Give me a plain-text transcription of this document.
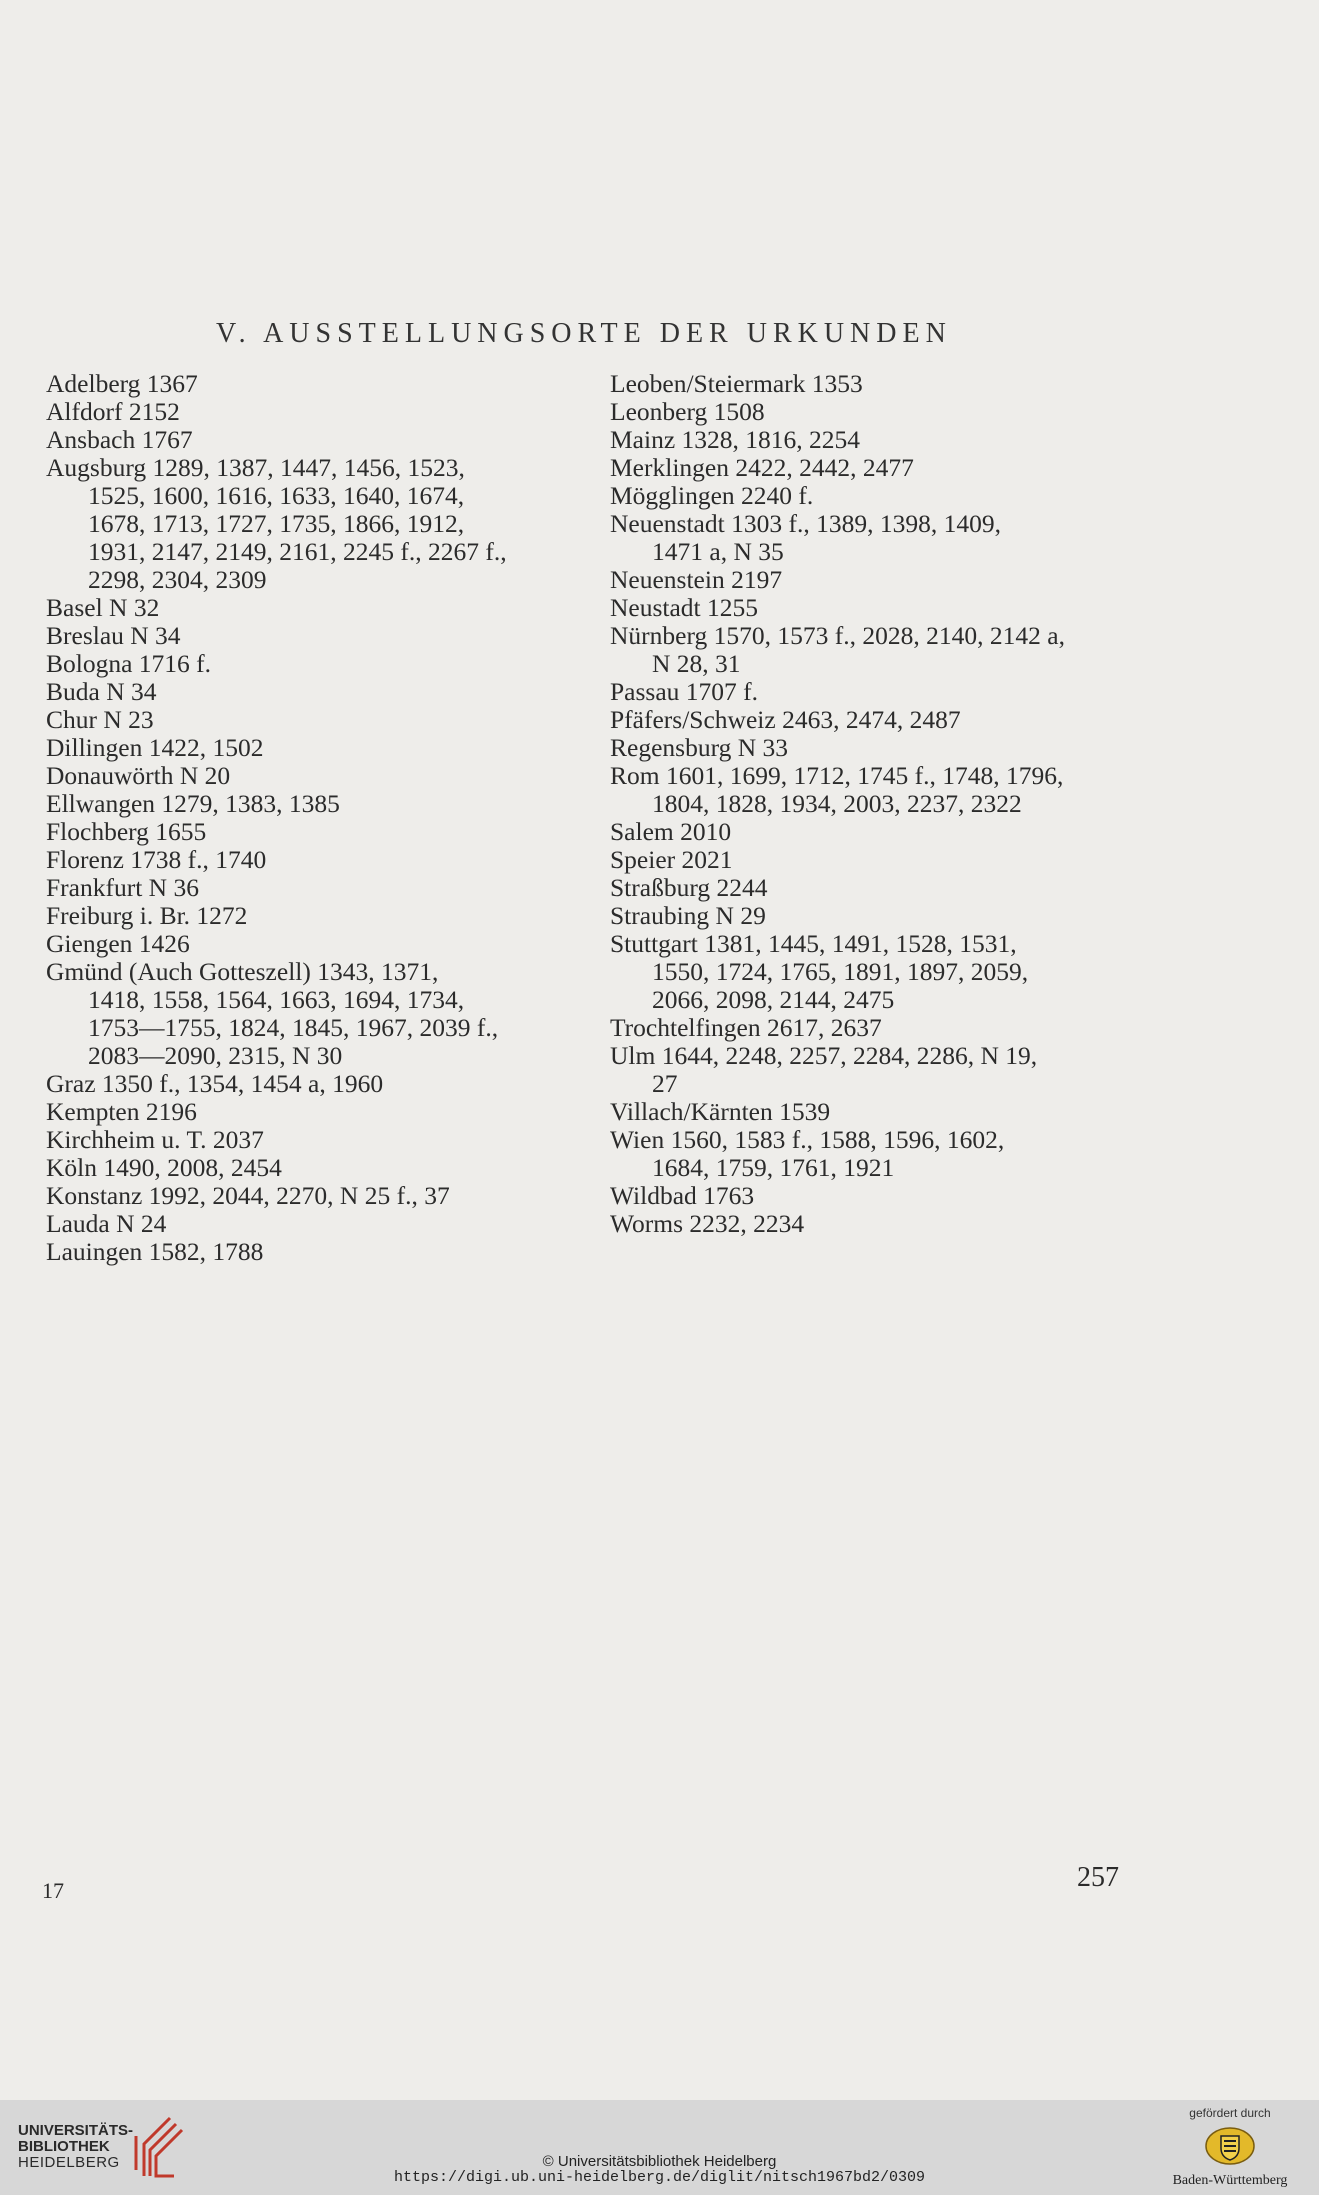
V. AUSSTELLUNGSORTE DER URKUNDEN
Adelberg 1367
Alfdorf 2152
Ansbach 1767
Augsburg 1289, 1387, 1447, 1456, 1523,
1525, 1600, 1616, 1633, 1640, 1674,
1678, 1713, 1727, 1735, 1866, 1912,
1931, 2147, 2149, 2161, 2245 f., 2267 f.,
2298, 2304, 2309
Basel N 32
Breslau N 34
Bologna 1716 f.
Buda N 34
Chur N 23
Dillingen 1422, 1502
Donauwörth N 20
Ellwangen 1279, 1383, 1385
Flochberg 1655
Florenz 1738 f., 1740
Frankfurt N 36
Freiburg i. Br. 1272
Giengen 1426
Gmünd (Auch Gotteszell) 1343, 1371,
1418, 1558, 1564, 1663, 1694, 1734,
1753—1755, 1824, 1845, 1967, 2039 f.,
2083—2090, 2315, N 30
Graz 1350 f., 1354, 1454 a, 1960
Kempten 2196
Kirchheim u. T. 2037
Köln 1490, 2008, 2454
Konstanz 1992, 2044, 2270, N 25 f., 37
Lauda N 24
Lauingen 1582, 1788
Leoben/Steiermark 1353
Leonberg 1508
Mainz 1328, 1816, 2254
Merklingen 2422, 2442, 2477
Mögglingen 2240 f.
Neuenstadt 1303 f., 1389, 1398, 1409,
1471 a, N 35
Neuenstein 2197
Neustadt 1255
Nürnberg 1570, 1573 f., 2028, 2140, 2142 a,
N 28, 31
Passau 1707 f.
Pfäfers/Schweiz 2463, 2474, 2487
Regensburg N 33
Rom 1601, 1699, 1712, 1745 f., 1748, 1796,
1804, 1828, 1934, 2003, 2237, 2322
Salem 2010
Speier 2021
Straßburg 2244
Straubing N 29
Stuttgart 1381, 1445, 1491, 1528, 1531,
1550, 1724, 1765, 1891, 1897, 2059,
2066, 2098, 2144, 2475
Trochtelfingen 2617, 2637
Ulm 1644, 2248, 2257, 2284, 2286, N 19,
27
Villach/Kärnten 1539
Wien 1560, 1583 f., 1588, 1596, 1602,
1684, 1759, 1761, 1921
Wildbad 1763
Worms 2232, 2234
17	257
UNIVERSITÄTS-
BIBLIOTHEK
HEIDELBERG	© Universitätsbibliothek Heidelberg
https://digi.ub.uni-heidelberg.de/diglit/nitsch1967bd2/0309
gefördert durch
Baden-Württemberg
